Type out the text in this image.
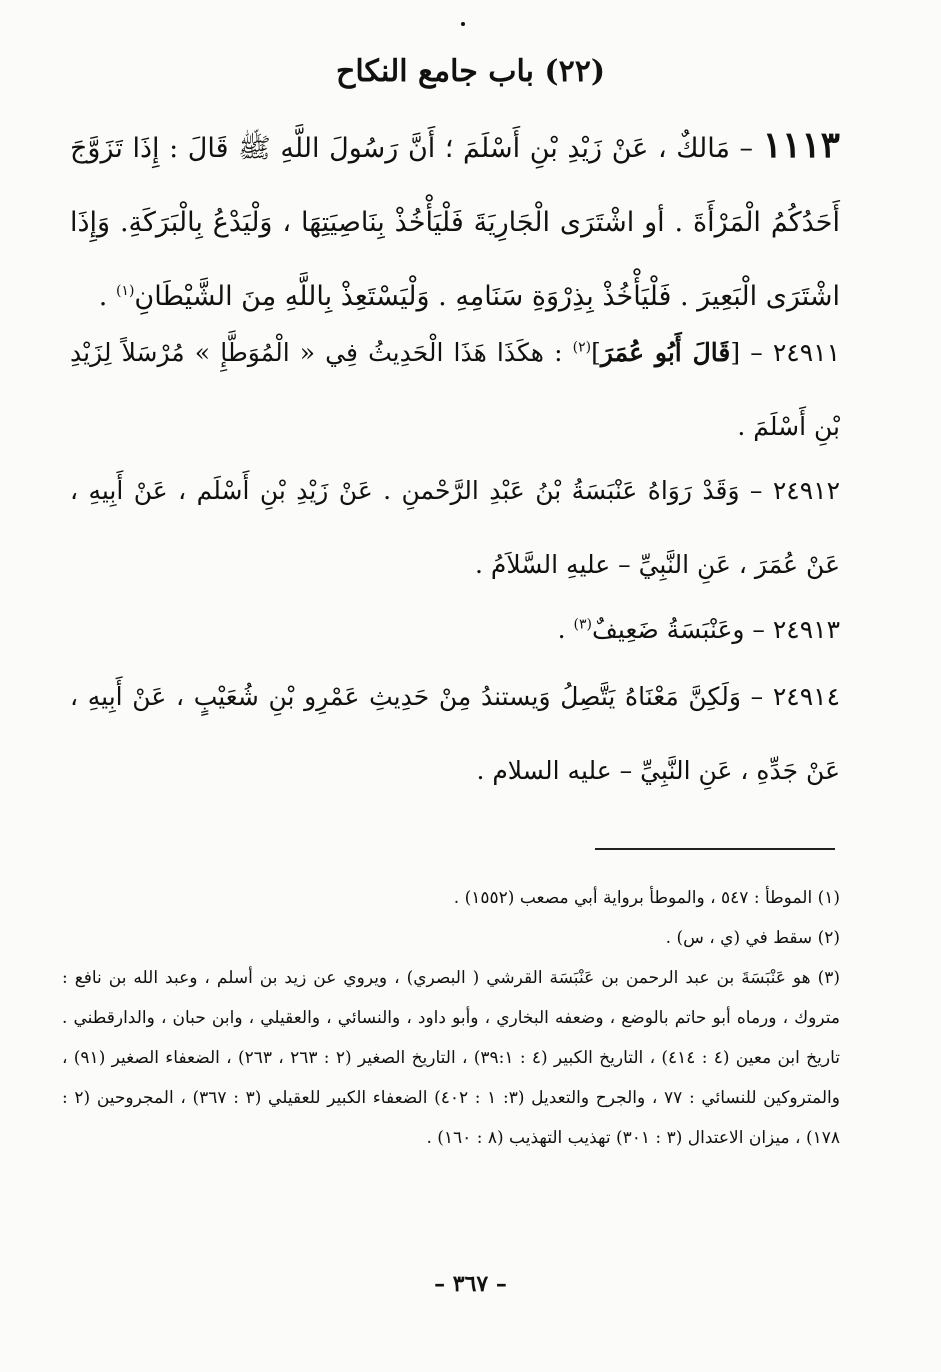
(٢٢) باب جامع النكاح
١١١٣ – مَالكٌ ، عَنْ زَيْدِ بْنِ أَسْلَمَ ؛ أَنَّ رَسُولَ اللَّهِ ﷺ قَالَ : إِذَا تَزَوَّجَ أَحَدُكُمُ الْمَرْأَةَ . أو اشْتَرَى الْجَارِيَةَ فَلْيَأْخُذْ بِنَاصِيَتِهَا ، وَلْيَدْعُ بِالْبَرَكَةِ. وَإِذَا اشْتَرَى الْبَعِيرَ . فَلْيَأْخُذْ بِذِرْوَةِ سَنَامِهِ . وَلْيَسْتَعِذْ بِاللَّهِ مِنَ الشَّيْطَانِ$^{(١)}$ .
٢٤٩١١ – [قَالَ أَبُو عُمَرَ]$^{(٢)}$ : هكَذَا هَذَا الْحَدِيثُ فِي « الْمُوَطَّإِ » مُرْسَلاً لِزَيْدِ بْنِ أَسْلَمَ .
٢٤٩١٢ – وَقَدْ رَوَاهُ عَنْبَسَةُ بْنُ عَبْدِ الرَّحْمنِ . عَنْ زَيْدِ بْنِ أَسْلَم ، عَنْ أَبِيهِ ، عَنْ عُمَرَ ، عَنِ النَّبِيِّ – عليهِ السَّلاَمُ .
٢٤٩١٣ – وعَنْبَسَةُ ضَعِيفٌ$^{(٣)}$ .
٢٤٩١٤ – وَلَكِنَّ مَعْنَاهُ يَتَّصِلُ وَيستندُ مِنْ حَدِيثِ عَمْرِو بْنِ شُعَيْبٍ ، عَنْ أَبِيهِ ، عَنْ جَدِّهِ ، عَنِ النَّبِيِّ – عليه السلام .

(١) الموطأ : ٥٤٧ ، والموطأ برواية أبي مصعب (١٥٥٢) .

(٢) سقط في (ي ، س) .

(٣) هو عَنْبَسَةَ بن عبد الرحمن بن عَنْبَسَة القرشي ( البصري) ، ويروي عن زيد بن أسلم ، وعبد الله بن نافع : متروك ، ورماه أبو حاتم بالوضع ، وضعفه البخاري ، وأبو داود ، والنسائي ، والعقيلي ، وابن حبان ، والدارقطني . تاريخ ابن معين (٤ : ٤١٤) ، التاريخ الكبير (٤ : ٣٩:١) ، التاريخ الصغير (٢ : ٢٦٣ ، ٢٦٣) ، الضعفاء الصغير (٩١) ، والمتروكين للنسائي : ٧٧ ، والجرح والتعديل (٣: ١ : ٤٠٢) الضعفاء الكبير للعقيلي (٣ : ٣٦٧) ، المجروحين (٢ : ١٧٨) ، ميزان الاعتدال (٣ : ٣٠١) تهذيب التهذيب (٨ : ١٦٠) .

– ٣٦٧ –
